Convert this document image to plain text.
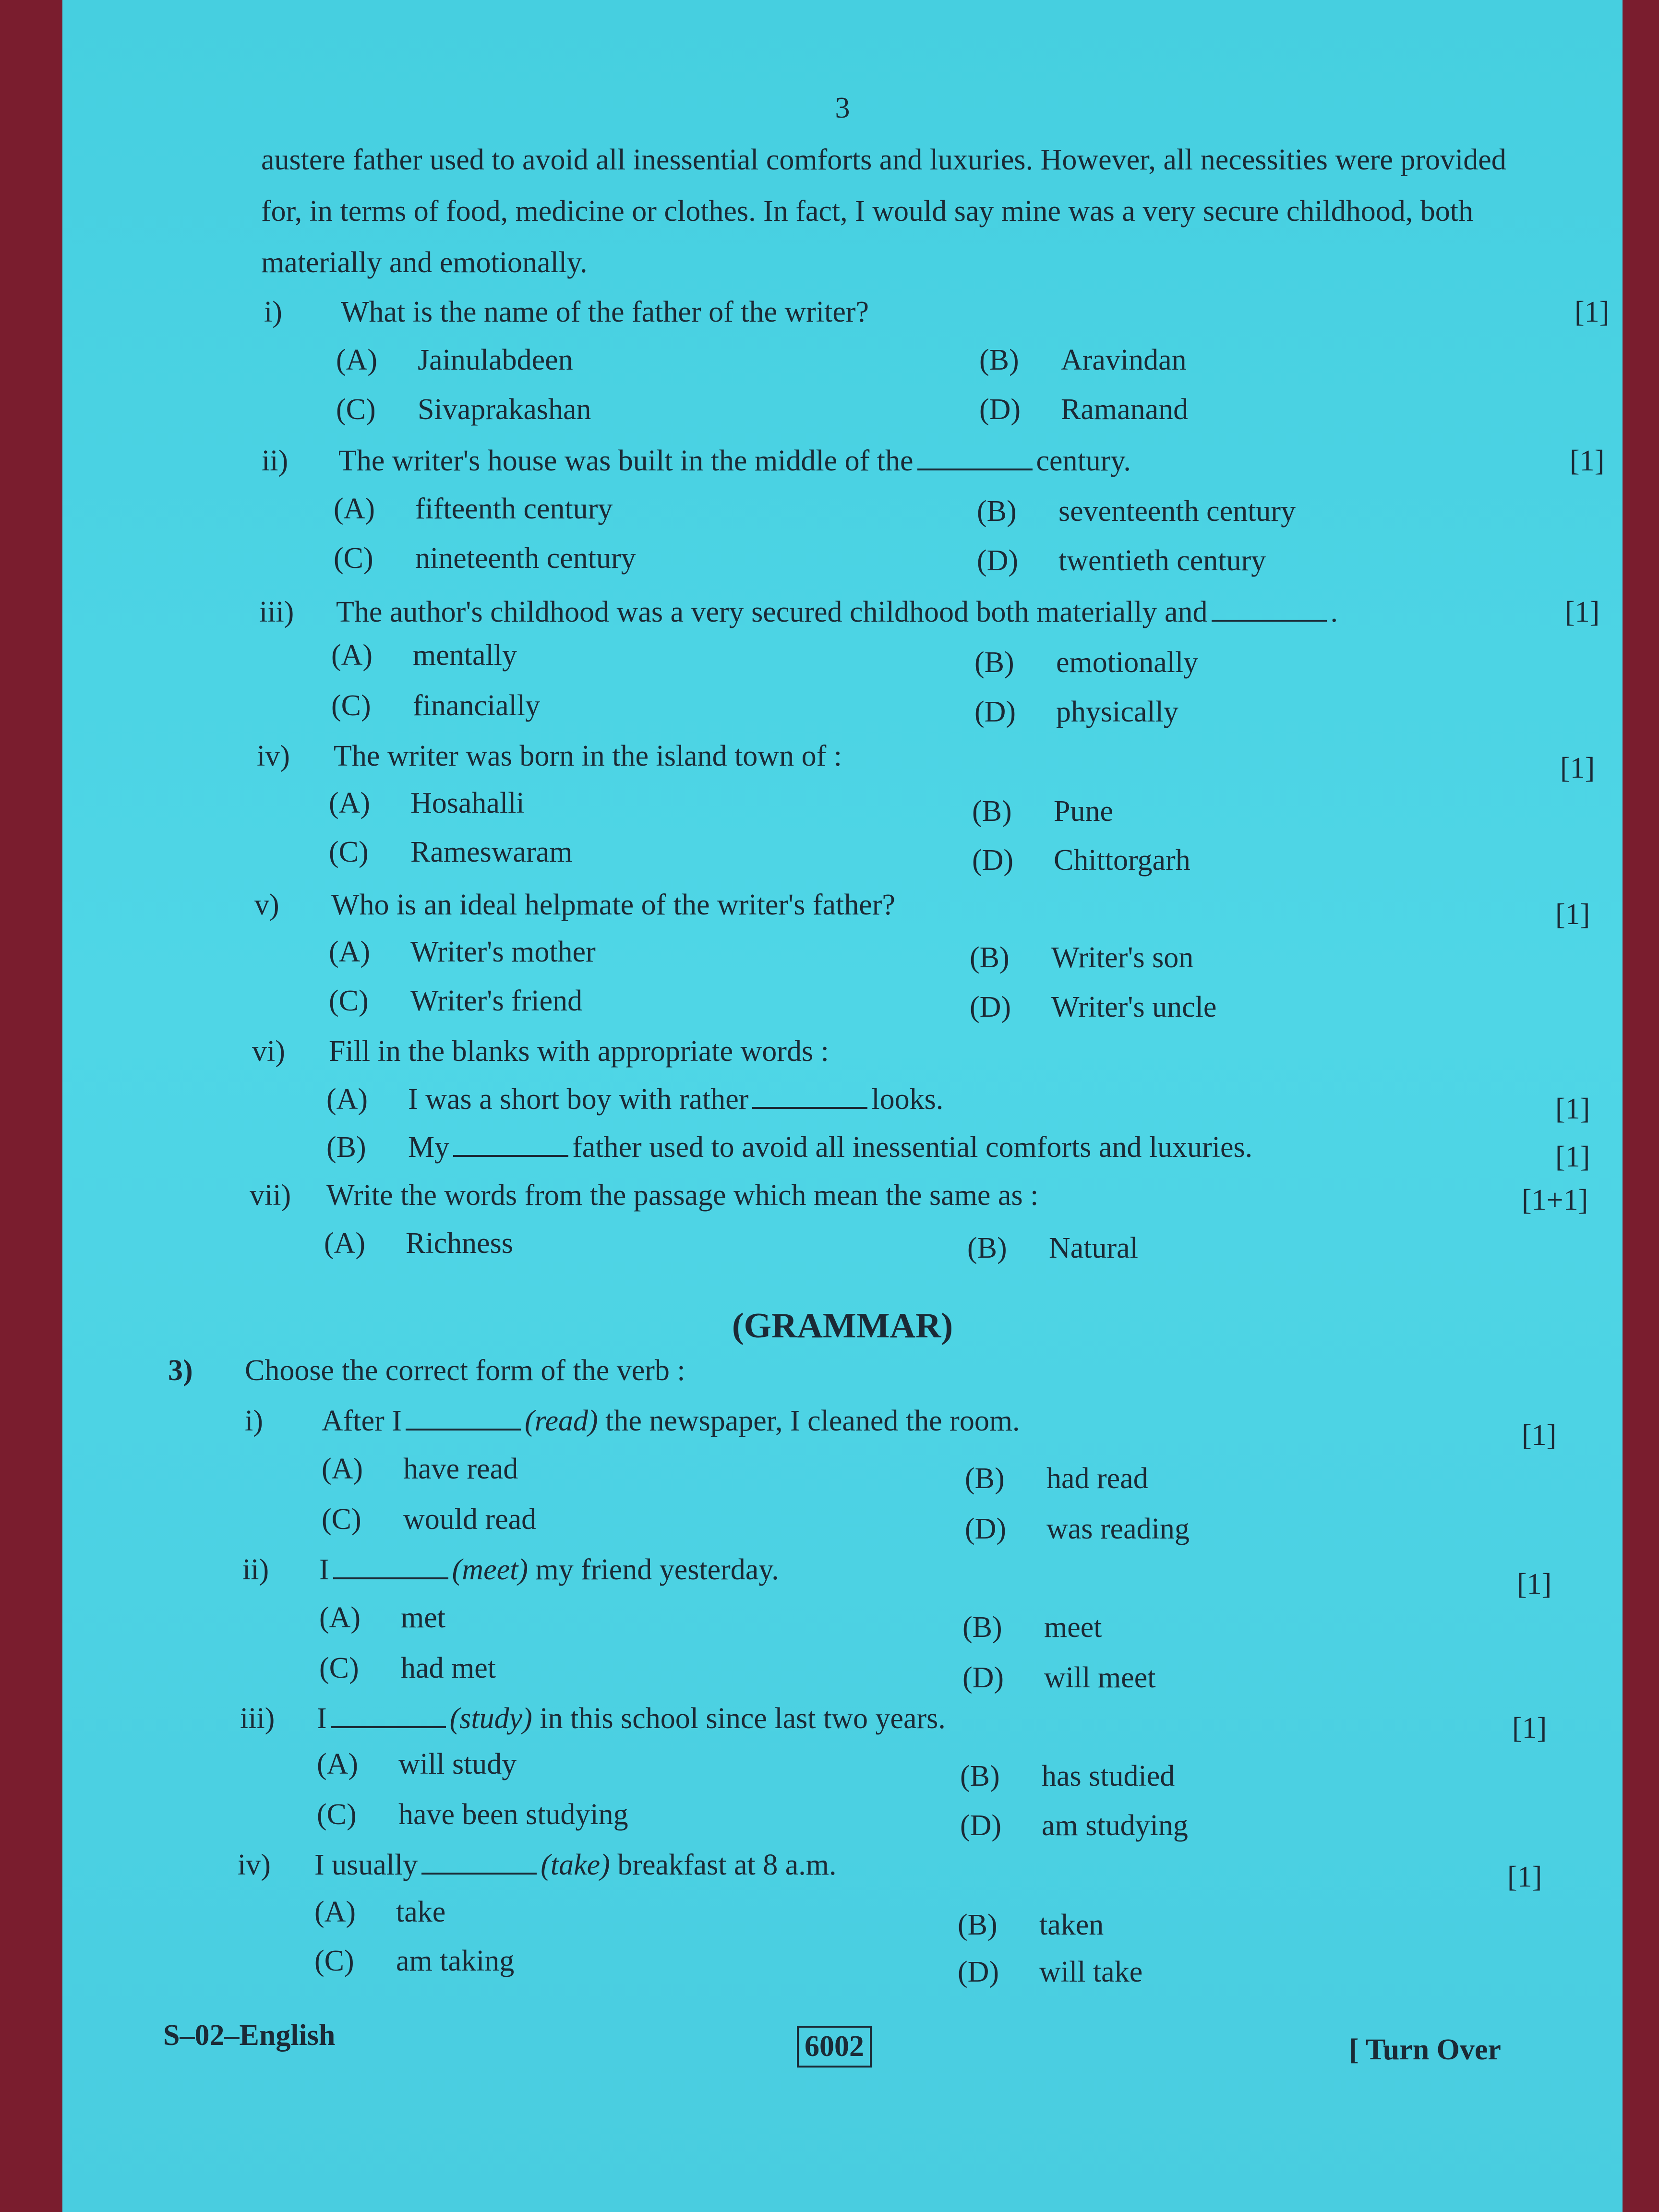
3

austere father used to avoid all inessential comforts and luxuries. However, all necessities were provided

for, in terms of food, medicine or clothes. In fact, I would say mine was a very secure childhood, both

materially and emotionally.

i) What is the name of the father of the writer?	[1]
(A) Jainulabdeen	(B) Aravindan
(C) Sivaprakashan	(D) Ramanand
ii) The writer's house was built in the middle of the	century.	[1]
(A) fifteenth century	(B) seventeenth century
(C) nineteenth century	(D) twentieth century
iii) The author's childhood was a very secured childhood both materially and	.	[1]
(A) mentally	(B) emotionally
(C) financially	(D) physically
iv) The writer was born in the island town of :	[1]
(A) Hosahalli	(B) Pune
(C) Rameswaram	(D) Chittorgarh
v) Who is an ideal helpmate of the writer's father?	[1]
(A) Writer's mother	(B) Writer's son
(C) Writer's friend	(D) Writer's uncle
vi) Fill in the blanks with appropriate words :
(A) I was a short boy with rather	looks.	[1]
(B) My	father used to avoid all inessential comforts and luxuries.	[1]
vii) Write the words from the passage which mean the same as :	[1+1]
(A) Richness	(B) Natural
(GRAMMAR)
3) Choose the correct form of the verb :
i) After I	(read) the newspaper, I cleaned the room.	[1]
(A) have read	(B) had read
(C) would read	(D) was reading
ii) I	(meet) my friend yesterday.	[1]
(A) met	(B) meet
(C) had met	(D) will meet
iii) I	(study) in this school since last two years.	[1]
(A) will study	(B) has studied
(C) have been studying	(D) am studying
iv) I usually	(take) breakfast at 8 a.m.	[1]
(A) take	(B) taken
(C) am taking	(D) will take
S–02–English	6002	[ Turn Over
